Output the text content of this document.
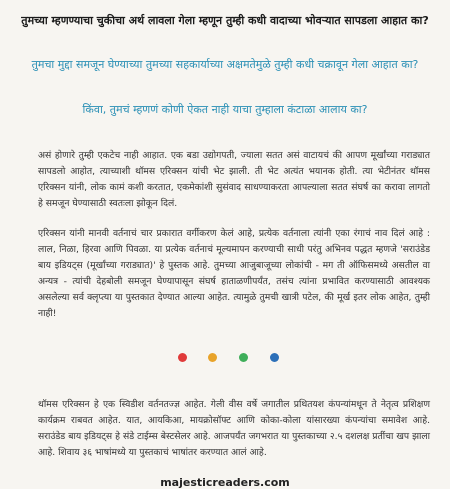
तुमच्या म्हणण्याचा चुकीचा अर्थ लावला गेला म्हणून तुम्ही कधी वादाच्या भोवऱ्यात सापडला आहात का?
तुमचा मुद्दा समजून घेण्याच्या तुमच्या सहकार्याच्या अक्षमतेमुळे तुम्ही कधी चक्रावून गेला आहात का?
किंवा, तुमचं म्हणणं कोणी ऐकत नाही याचा तुम्हाला कंटाळा आलाय का?
असं होणारे तुम्ही एकटेच नाही आहात. एक बडा उद्योगपती, ज्याला सतत असं वाटायचं की आपण मूर्खांच्या गराड्यात सापडलो आहोत, त्याच्याशी थॉमस एरिक्सन यांची भेट झाली. ती भेट अत्यंत भयानक होती. त्या भेटीनंतर थॉमस एरिक्सन यांनी, लोक कामं कशी करतात, एकमेकांशी सुसंवाद साधण्याकरता आपल्याला सतत संघर्ष का करावा लागतो हे समजून घेण्यासाठी स्वतःला झोकून दिलं.
एरिक्सन यांनी मानवी वर्तनाचं चार प्रकारात वर्गीकरण केलं आहे, प्रत्येक वर्तनाला त्यांनी एका रंगाचं नाव दिलं आहे : लाल, निळा, हिरवा आणि पिवळा. या प्रत्येक वर्तनाचं मूल्यमापन करण्याची साधी परंतु अभिनव पद्धत म्हणजे 'सराउंडेड बाय इडियट्स (मूर्खांच्या गराड्यात)' हे पुस्तक आहे. तुमच्या आजुबाजूच्या लोकांची - मग ती ऑफिसमध्ये असतील वा अन्यत्र - त्यांची देहबोली समजून घेण्यापासून संघर्ष हाताळणीपर्यंत, तसंच त्यांना प्रभावित करण्यासाठी आवश्यक असलेल्या सर्व क्लृप्त्या या पुस्तकात देण्यात आल्या आहेत. त्यामुळे तुमची खात्री पटेल, की मूर्ख इतर लोक आहेत, तुम्ही नाही!
थॉमस एरिक्सन हे एक स्विडीश वर्तनतज्ज्ञ आहेत. गेली वीस वर्षे जगातील प्रथितयश कंपन्यांमधून ते नेतृत्व प्रशिक्षण कार्यक्रम राबवत आहेत. यात, आयकिआ, मायक्रोसॉफ्ट आणि कोका-कोला यांसारख्या कंपन्यांचा समावेश आहे. सराउंडेड बाय इडियट्स हे संडे टाईम्स बेस्टसेलर आहे. आजपर्यंत जगभरात या पुस्तकाच्या २.५ दशलक्ष प्रतींचा खप झाला आहे. शिवाय ३६ भाषांमध्ये या पुस्तकाचं भाषांतर करण्यात आलं आहे.
majesticreaders.com
